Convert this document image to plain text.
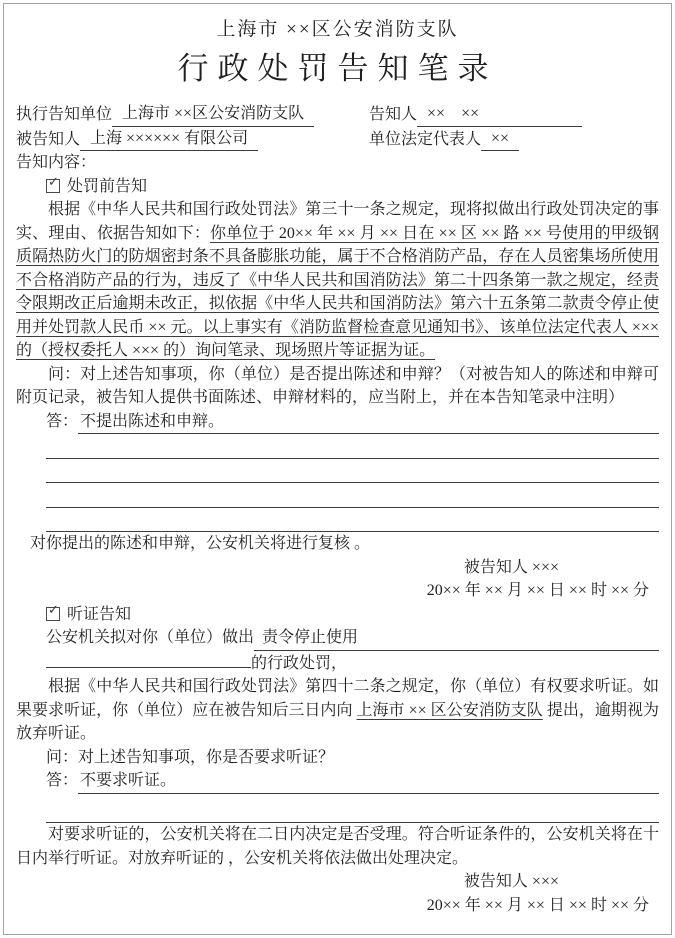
上海市 ××区公安消防支队
行政处罚告知笔录
执行告知单位 上海市 ××区公安消防支队	告知人 ××　××
被告知人 上海 ×××××× 有限公司	单位法定代表人 ××
告知内容：
✓
处罚前告知

根据《中华人民共和国行政处罚法》第三十一条之规定，现将拟做出行政处罚决定的事实、理由、依据告知如下：你单位于 20×× 年 ×× 月 ×× 日在 ×× 区 ×× 路 ×× 号使用的甲级钢质隔热防火门的防烟密封条不具备膨胀功能，属于不合格消防产品，存在人员密集场所使用不合格消防产品的行为，违反了《中华人民共和国消防法》第二十四条第一款之规定，经责令限期改正后逾期未改正，拟依据《中华人民共和国消防法》第六十五条第二款责令停止使用并处罚款人民币 ×× 元。以上事实有《消防监督检查意见通知书》、该单位法定代表人 ××× 的（授权委托人 ××× 的）询问笔录、现场照片等证据为证。

问：对上述告知事项，你（单位）是否提出陈述和申辩？（对被告知人的陈述和申辩可附页记录，被告知人提供书面陈述、申辩材料的，应当附上，并在本告知笔录中注明）

答： 不提出陈述和申辩。

对你提出的陈述和申辩，公安机关将进行复核 。

被告知人 ×××
20×× 年 ×× 月 ×× 日 ×× 时 ×× 分
✓
听证告知
公安机关拟对你（单位）做出 责令停止使用
的行政处罚，

根据《中华人民共和国行政处罚法》第四十二条之规定，你（单位）有权要求听证。如果要求听证，你（单位）应在被告知后三日内向 上海市 ×× 区公安消防支队 提出，逾期视为放弃听证。

问：对上述告知事项，你是否要求听证？
答： 不要求听证。

对要求听证的，公安机关将在二日内决定是否受理。符合听证条件的，公安机关将在十日内举行听证。对放弃听证的 ，公安机关将依法做出处理决定。

被告知人 ×××
20×× 年 ×× 月 ×× 日 ×× 时 ×× 分
